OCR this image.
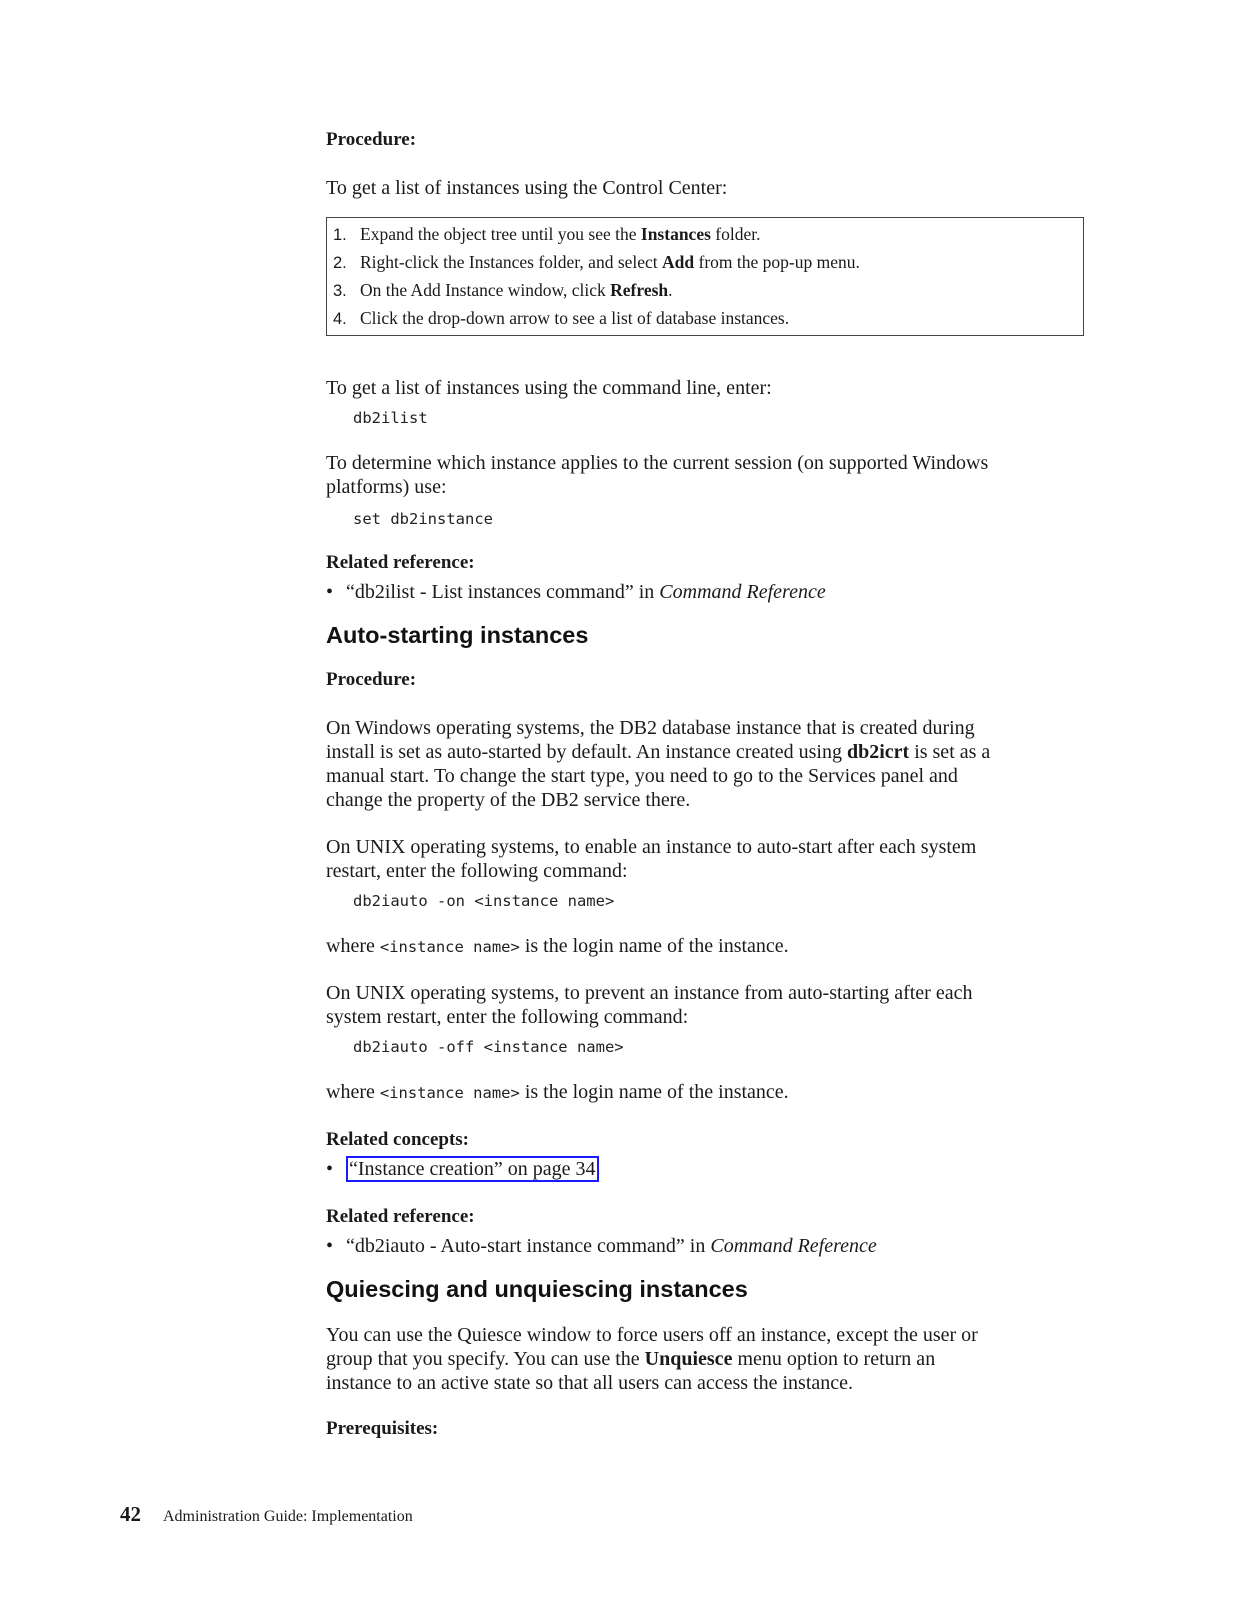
Procedure:

To get a list of instances using the Control Center:

1. Expand the object tree until you see the Instances folder.
2. Right-click the Instances folder, and select Add from the pop-up menu.
3. On the Add Instance window, click Refresh.
4. Click the drop-down arrow to see a list of database instances.

To get a list of instances using the command line, enter:

db2ilist

To determine which instance applies to the current session (on supported Windows

platforms) use:

set db2instance

Related reference:

• “db2ilist - List instances command” in Command Reference
Auto-starting instances

Procedure:

On Windows operating systems, the DB2 database instance that is created during

install is set as auto-started by default. An instance created using db2icrt is set as a

manual start. To change the start type, you need to go to the Services panel and

change the property of the DB2 service there.

On UNIX operating systems, to enable an instance to auto-start after each system

restart, enter the following command:

db2iauto -on <instance name>

where <instance name> is the login name of the instance.

On UNIX operating systems, to prevent an instance from auto-starting after each

system restart, enter the following command:

db2iauto -off <instance name>

where <instance name> is the login name of the instance.

Related concepts:

• “Instance creation” on page 34

Related reference:

• “db2iauto - Auto-start instance command” in Command Reference
Quiescing and unquiescing instances

You can use the Quiesce window to force users off an instance, except the user or

group that you specify. You can use the Unquiesce menu option to return an

instance to an active state so that all users can access the instance.

Prerequisites:

42 Administration Guide: Implementation
